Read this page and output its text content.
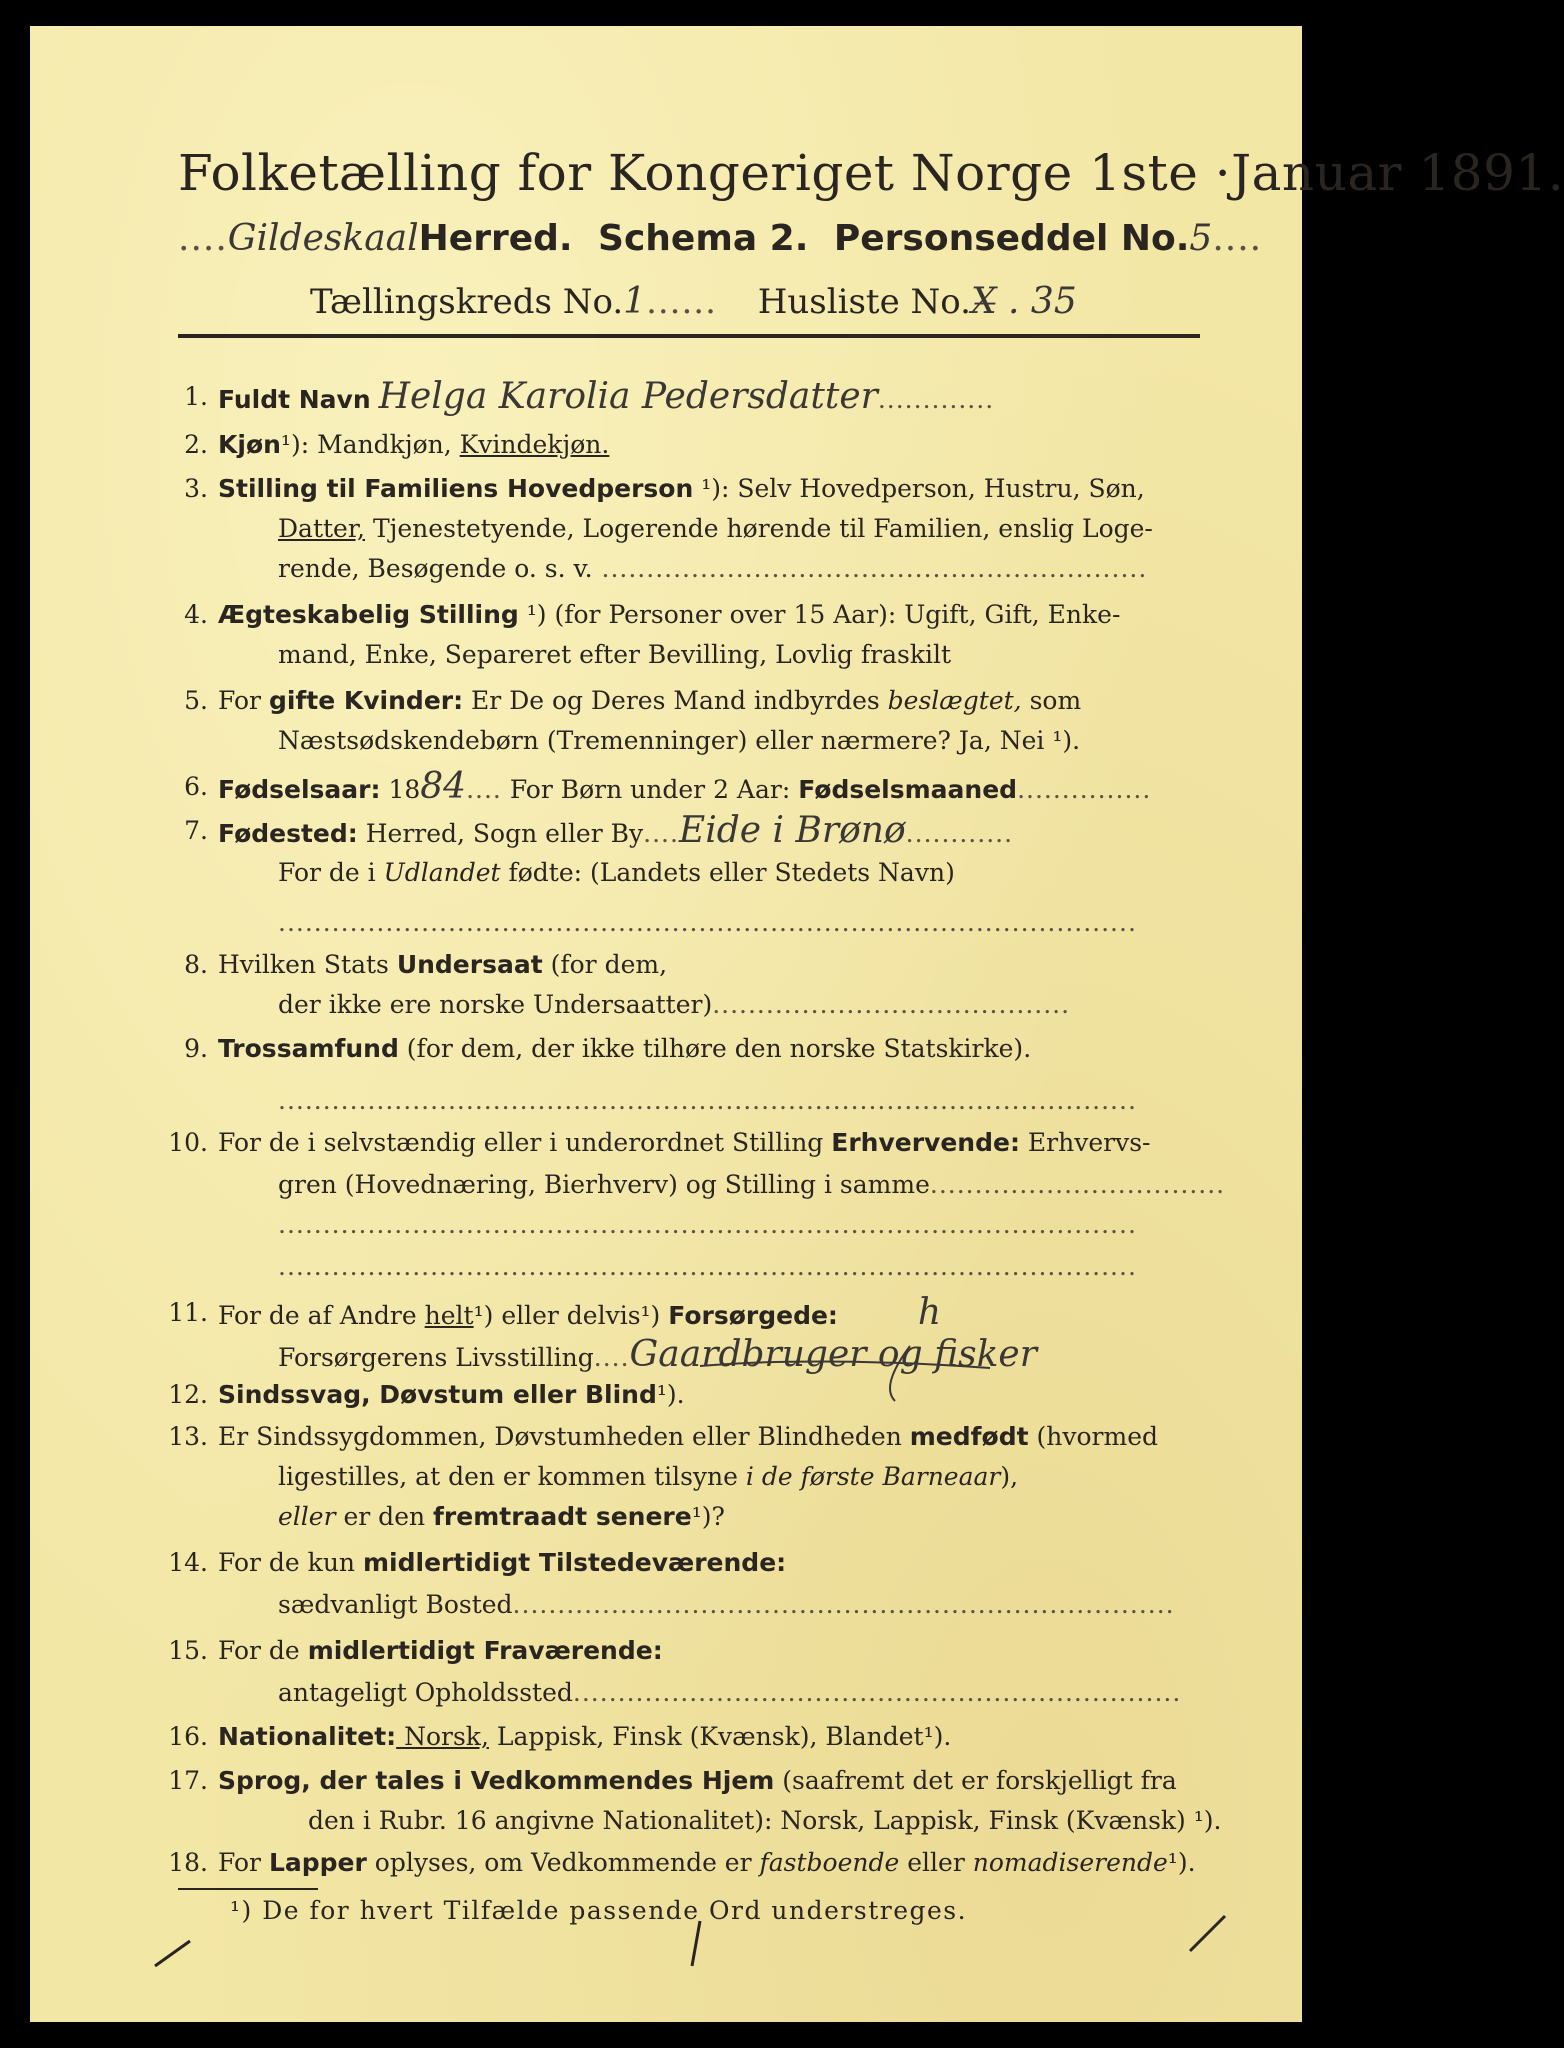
Folketælling for Kongeriget Norge 1ste ·Januar 1891.
....GildeskaalHerred. Schema 2. Personseddel No.5....
Tællingskreds No.1...... Husliste No.X̶ . 35
1. Fuldt Navn Helga Karolia Pedersdatter.............
2. Kjøn¹): Mandkjøn, Kvindekjøn.
3. Stilling til Familiens Hovedperson ¹): Selv Hovedperson, Hustru, Søn,
Datter, Tjenestetyende, Logerende hørende til Familien, enslig Loge-
rende, Besøgende o. s. v. .............................................................
4. Ægteskabelig Stilling ¹) (for Personer over 15 Aar): Ugift, Gift, Enke-
mand, Enke, Separeret efter Bevilling, Lovlig fraskilt
5. For gifte Kvinder: Er De og Deres Mand indbyrdes beslægtet, som
Næstsødskendebørn (Tremenninger) eller nærmere? Ja, Nei ¹).
6. Fødselsaar: 1884.... For Børn under 2 Aar: Fødselsmaaned...............
7. Fødested: Herred, Sogn eller By....Eide i Brønø............
For de i Udlandet fødte: (Landets eller Stedets Navn)
................................................................................................
8. Hvilken Stats Undersaat (for dem,
der ikke ere norske Undersaatter)........................................
9. Trossamfund (for dem, der ikke tilhøre den norske Statskirke).
................................................................................................
10. For de i selvstændig eller i underordnet Stilling Erhvervende: Erhvervs-
gren (Hovednæring, Bierhverv) og Stilling i samme.................................
................................................................................................
................................................................................................
11. For de af Andre helt¹) eller delvis¹) Forsørgede: h
Forsørgerens Livsstilling....Gaardbruger og fisker
12. Sindssvag, Døvstum eller Blind¹).
13. Er Sindssygdommen, Døvstumheden eller Blindheden medfødt (hvormed
ligestilles, at den er kommen tilsyne i de første Barneaar),
eller er den fremtraadt senere¹)?
14. For de kun midlertidigt Tilstedeværende:
sædvanligt Bosted..........................................................................
15. For de midlertidigt Fraværende:
antageligt Opholdssted....................................................................
16. Nationalitet: Norsk, Lappisk, Finsk (Kvænsk), Blandet¹).
17. Sprog, der tales i Vedkommendes Hjem (saafremt det er forskjelligt fra
den i Rubr. 16 angivne Nationalitet): Norsk, Lappisk, Finsk (Kvænsk) ¹).
18. For Lapper oplyses, om Vedkommende er fastboende eller nomadiserende¹).
¹) De for hvert Tilfælde passende Ord understreges.
